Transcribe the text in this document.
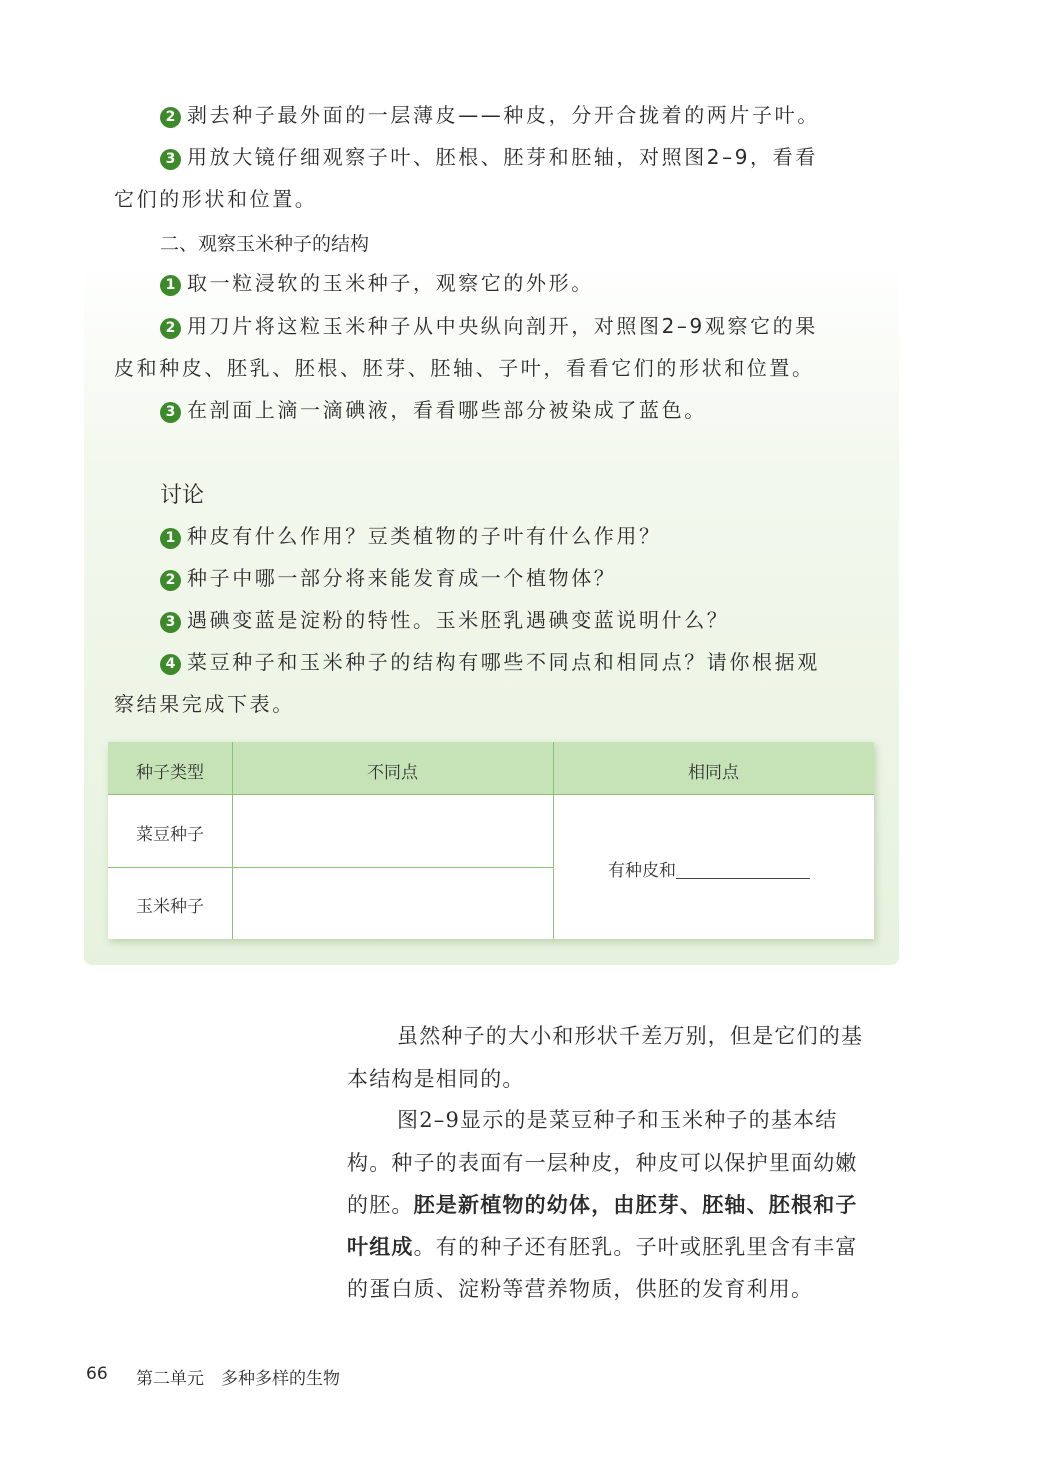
2 剥去种子最外面的一层薄皮——种皮，分开合拢着的两片子叶。
3 用放大镜仔细观察子叶、胚根、胚芽和胚轴，对照图2–9，看看
它们的形状和位置。
二、观察玉米种子的结构
1 取一粒浸软的玉米种子，观察它的外形。
2 用刀片将这粒玉米种子从中央纵向剖开，对照图2–9观察它的果
皮和种皮、胚乳、胚根、胚芽、胚轴、子叶，看看它们的形状和位置。
3 在剖面上滴一滴碘液，看看哪些部分被染成了蓝色。
讨论
1 种皮有什么作用？豆类植物的子叶有什么作用？
2 种子中哪一部分将来能发育成一个植物体？
3 遇碘变蓝是淀粉的特性。玉米胚乳遇碘变蓝说明什么？
4 菜豆种子和玉米种子的结构有哪些不同点和相同点？请你根据观
察结果完成下表。
种子类型	不同点	相同点
菜豆种子
玉米种子
有种皮和
虽然种子的大小和形状千差万别，但是它们的基
本结构是相同的。
图2–9显示的是菜豆种子和玉米种子的基本结
构。种子的表面有一层种皮，种皮可以保护里面幼嫩
的胚。胚是新植物的幼体，由胚芽、胚轴、胚根和子
叶组成。有的种子还有胚乳。子叶或胚乳里含有丰富
的蛋白质、淀粉等营养物质，供胚的发育利用。
66 第二单元　多种多样的生物
